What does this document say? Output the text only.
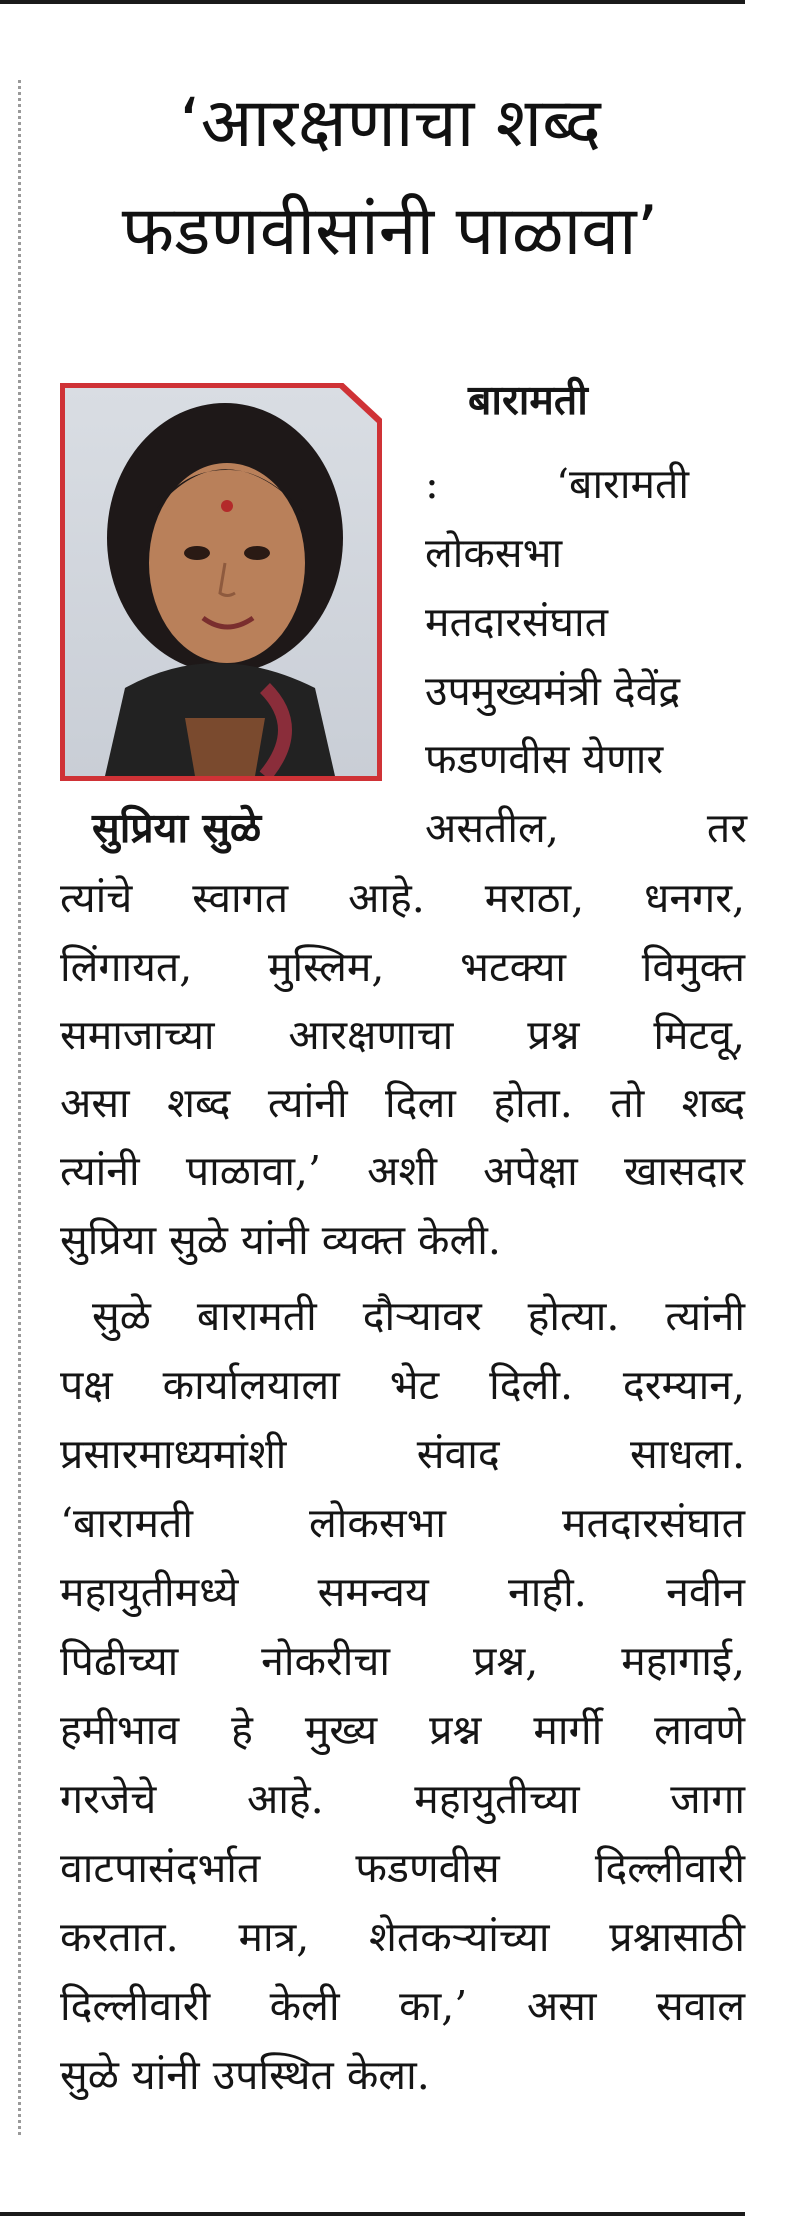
‘आरक्षणाचा शब्द
फडणवीसांनी पाळावा’

सुप्रिया सुळे

बारामती

:	‘बारामती

लोकसभा

मतदारसंघात

उपमुख्यमंत्री देवेंद्र

फडणवीस येणार

असतील, तर

त्यांचे स्वागत आहे. मराठा, धनगर,

लिंगायत, मुस्लिम, भटक्या विमुक्त

समाजाच्या आरक्षणाचा प्रश्न मिटवू,

असा शब्द त्यांनी दिला होता. तो शब्द

त्यांनी पाळावा,’ अशी अपेक्षा खासदार

सुप्रिया सुळे यांनी व्यक्त केली.

सुळे बारामती दौऱ्यावर होत्या. त्यांनी

पक्ष कार्यालयाला भेट दिली. दरम्यान,

प्रसारमाध्यमांशी संवाद साधला.

‘बारामती लोकसभा मतदारसंघात

महायुतीमध्ये समन्वय नाही. नवीन

पिढीच्या नोकरीचा प्रश्न, महागाई,

हमीभाव हे मुख्य प्रश्न मार्गी लावणे

गरजेचे आहे. महायुतीच्या जागा

वाटपासंदर्भात फडणवीस दिल्लीवारी

करतात. मात्र, शेतकऱ्यांच्या प्रश्नासाठी

दिल्लीवारी केली का,’ असा सवाल

सुळे यांनी उपस्थित केला.
